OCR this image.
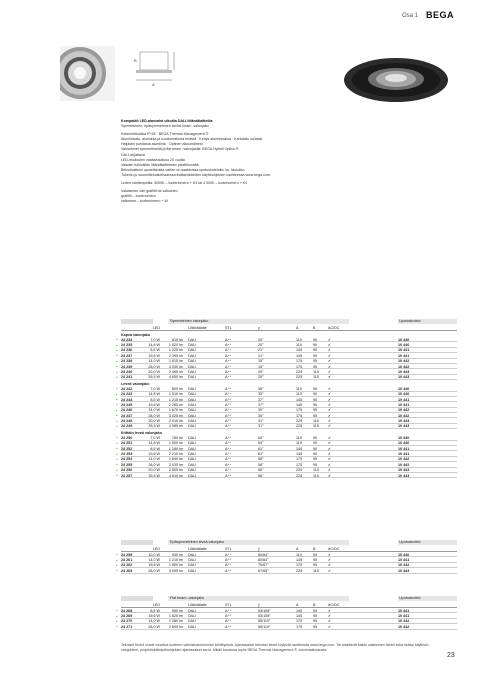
Osa 1 BEGA
A
B
Kompaktit LED-alasvalot ulkotila DALI-liitäntälaitteilla
Symmetrinen, epäsymmetrinen tai flat beam -valonjako
Kotelointiluokka IP 65 · BEGA Thermal Management ®
Alumiinivalu, alumiinia ja ruostumatonta terästä · Kehys alumiinivalua · Karkaistu suilaasi
Heijastin puhdasta alumiinia · Optinen alkuondinesi
Valoaihmet symmetrisellä ja flat beam -valonjaolla. BEGA Hybrid Optics ®
DALI-ohjattava
LED-moduulen vaatavusalkuu 20 vuotta
Valaisin tulkivällän liitäntälaitteesen pituliitinmallä.
Betonikattoon upotettavista varten on saatavissa upotuskoteloita, ks. taulukko.
Tukeviu ju suunnittelualuellaaessa lisätarvikkeiden käyttöohjeiden osoitteessa www.bega.com.
Leden värilämpötila: 3000K – tuotenumero + K3 tai 4 000K – tuotenumero + K4
Valaisimen väri grafiitti tai valkoinen
grafiitti – tuotenumero
valkoinen – tuotenumero + W
Symmetrinen valonjako	Upotuskotelo
LED	Liitäntälaite	STL	γ	A	B	AC/DC
Kapea valonjako
● 24 234	7,0 W	810 lm DALI	A⁺⁺	20°	110	90	✔	10 440
● 24 235	14,8 W	1 520 lm DALI	A⁺⁺	20°	110	90	✔	10 440
● 24 236	8,5 W	1 225 lm DALI	A⁺⁺	21°	145	90	✔	10 441
● 24 237	19,6 W	2 395 lm DALI	A⁺⁺	21°	145	90	✔	10 441
● 24 238	14,0 W	1 615 lm DALI	A⁺⁺	15°	175	95	✔	10 442
● 24 239	28,0 W	3 030 lm DALI	A⁺⁺	15°	175	95	✔	10 442
● 24 240	20,0 W	2 465 lm DALI	A⁺⁺	20°	225	115 ✔	10 443
● 24 241	39,5 W	4 650 lm DALI	A⁺⁺	20°	225	115 ✔	10 443
Leveä valonjako
● 24 242	7,0 W	800 lm DALI	A⁺⁺	35°	110	90	✔	10 440
● 24 243	14,8 W	1 510 lm DALI	A⁺⁺	35°	110	90	✔	10 440
● 24 244	8,5 W	1 215 lm DALI	A⁺⁺	37°	145	90	✔	10 441
● 24 245	19,6 W	2 285 lm DALI	A⁺⁺	37°	145	90	✔	10 441
● 24 246	14,0 W	1 670 lm DALI	A⁺⁺	30°	175	95	✔	10 442
● 24 247	28,0 W	3 025 lm DALI	A⁺⁺	30°	175	95	✔	10 442
● 24 248	20,0 W	2 410 lm DALI	A⁺⁺	31°	225	115 ✔	10 443
● 24 249	39,5 W	4 585 lm DALI	A⁺⁺	31°	225	115 ✔	10 443
Erittäin leveä valonjako
● 24 250	7,0 W	780 lm DALI	A⁺⁺	54°	110	90	✔	10 440
● 24 251	14,8 W	1 500 lm DALI	A⁺⁺	54°	110	90	✔	10 440
● 24 252	8,5 W	1 180 lm DALI	A⁺⁺	61°	145	90	✔	10 441
● 24 253	19,6 W	2 210 lm DALI	A⁺⁺	61°	145	90	✔	10 441
● 24 254	14,0 W	1 640 lm DALI	A⁺⁺	58°	175	95	✔	10 442
● 24 255	28,0 W	3 035 lm DALI	A⁺⁺	58°	175	95	✔	10 442
● 24 256	20,0 W	2 505 lm DALI	A⁺⁺	56°	225	115 ✔	10 443
● 24 257	39,5 W	4 610 lm DALI	A⁺⁺	56°	225	115 ✔	10 443
Epäsymmetrinen leveä valonjako	Upotuskotelo
LED	Liitäntälaite	STL	γ	A	B	AC/DC
● 24 259	10,0 W	930 lm DALI	A⁺⁺	60/64°	110	90	✔	10 440
● 24 261	14,0 W	1 210 lm DALI	A⁺⁺	60/64°	145	90	✔	10 441
● 24 262	19,6 W	1 800 lm DALI	A⁺⁺	70/67°	175	95	✔	10 442
● 24 265	28,0 W	3 005 lm DALI	A⁺⁺	67/65°	225	115 ✔	10 443
Flat beam -valonjako	Upotuskotelo
LED	Liitäntälaite	STL	γ	A	B	AC/DC
● 24 268	8,5 W	950 lm DALI	A⁺⁺	53/108°	145	90	✔	10 441
● 24 269	19,6 W	1 820 lm DALI	A⁺⁺	53/108°	145	90	✔	10 441
● 24 270	14,0 W	1 380 lm DALI	A⁺⁺	55/110°	175	95	✔	10 442
● 24 271	28,0 W	2 600 lm DALI	A⁺⁺	55/110°	175	95	✔	10 442
Tekniset tiedot voivat muuttua tuotteen valmistustoiminnan kehittyessä. Ajantasaiset tekniset tiedot löytyvät osoitteesta www.bega.com. Tai sisältävät kaikki valaisimen tiedot sekä lisäksi käyttöön, valojohtien, projektiointikäyttöohjeiden ajantasaiset arvot. Mikäli kansissa myös BEGA Thermal Management ® -toimintakuvausta.
23
